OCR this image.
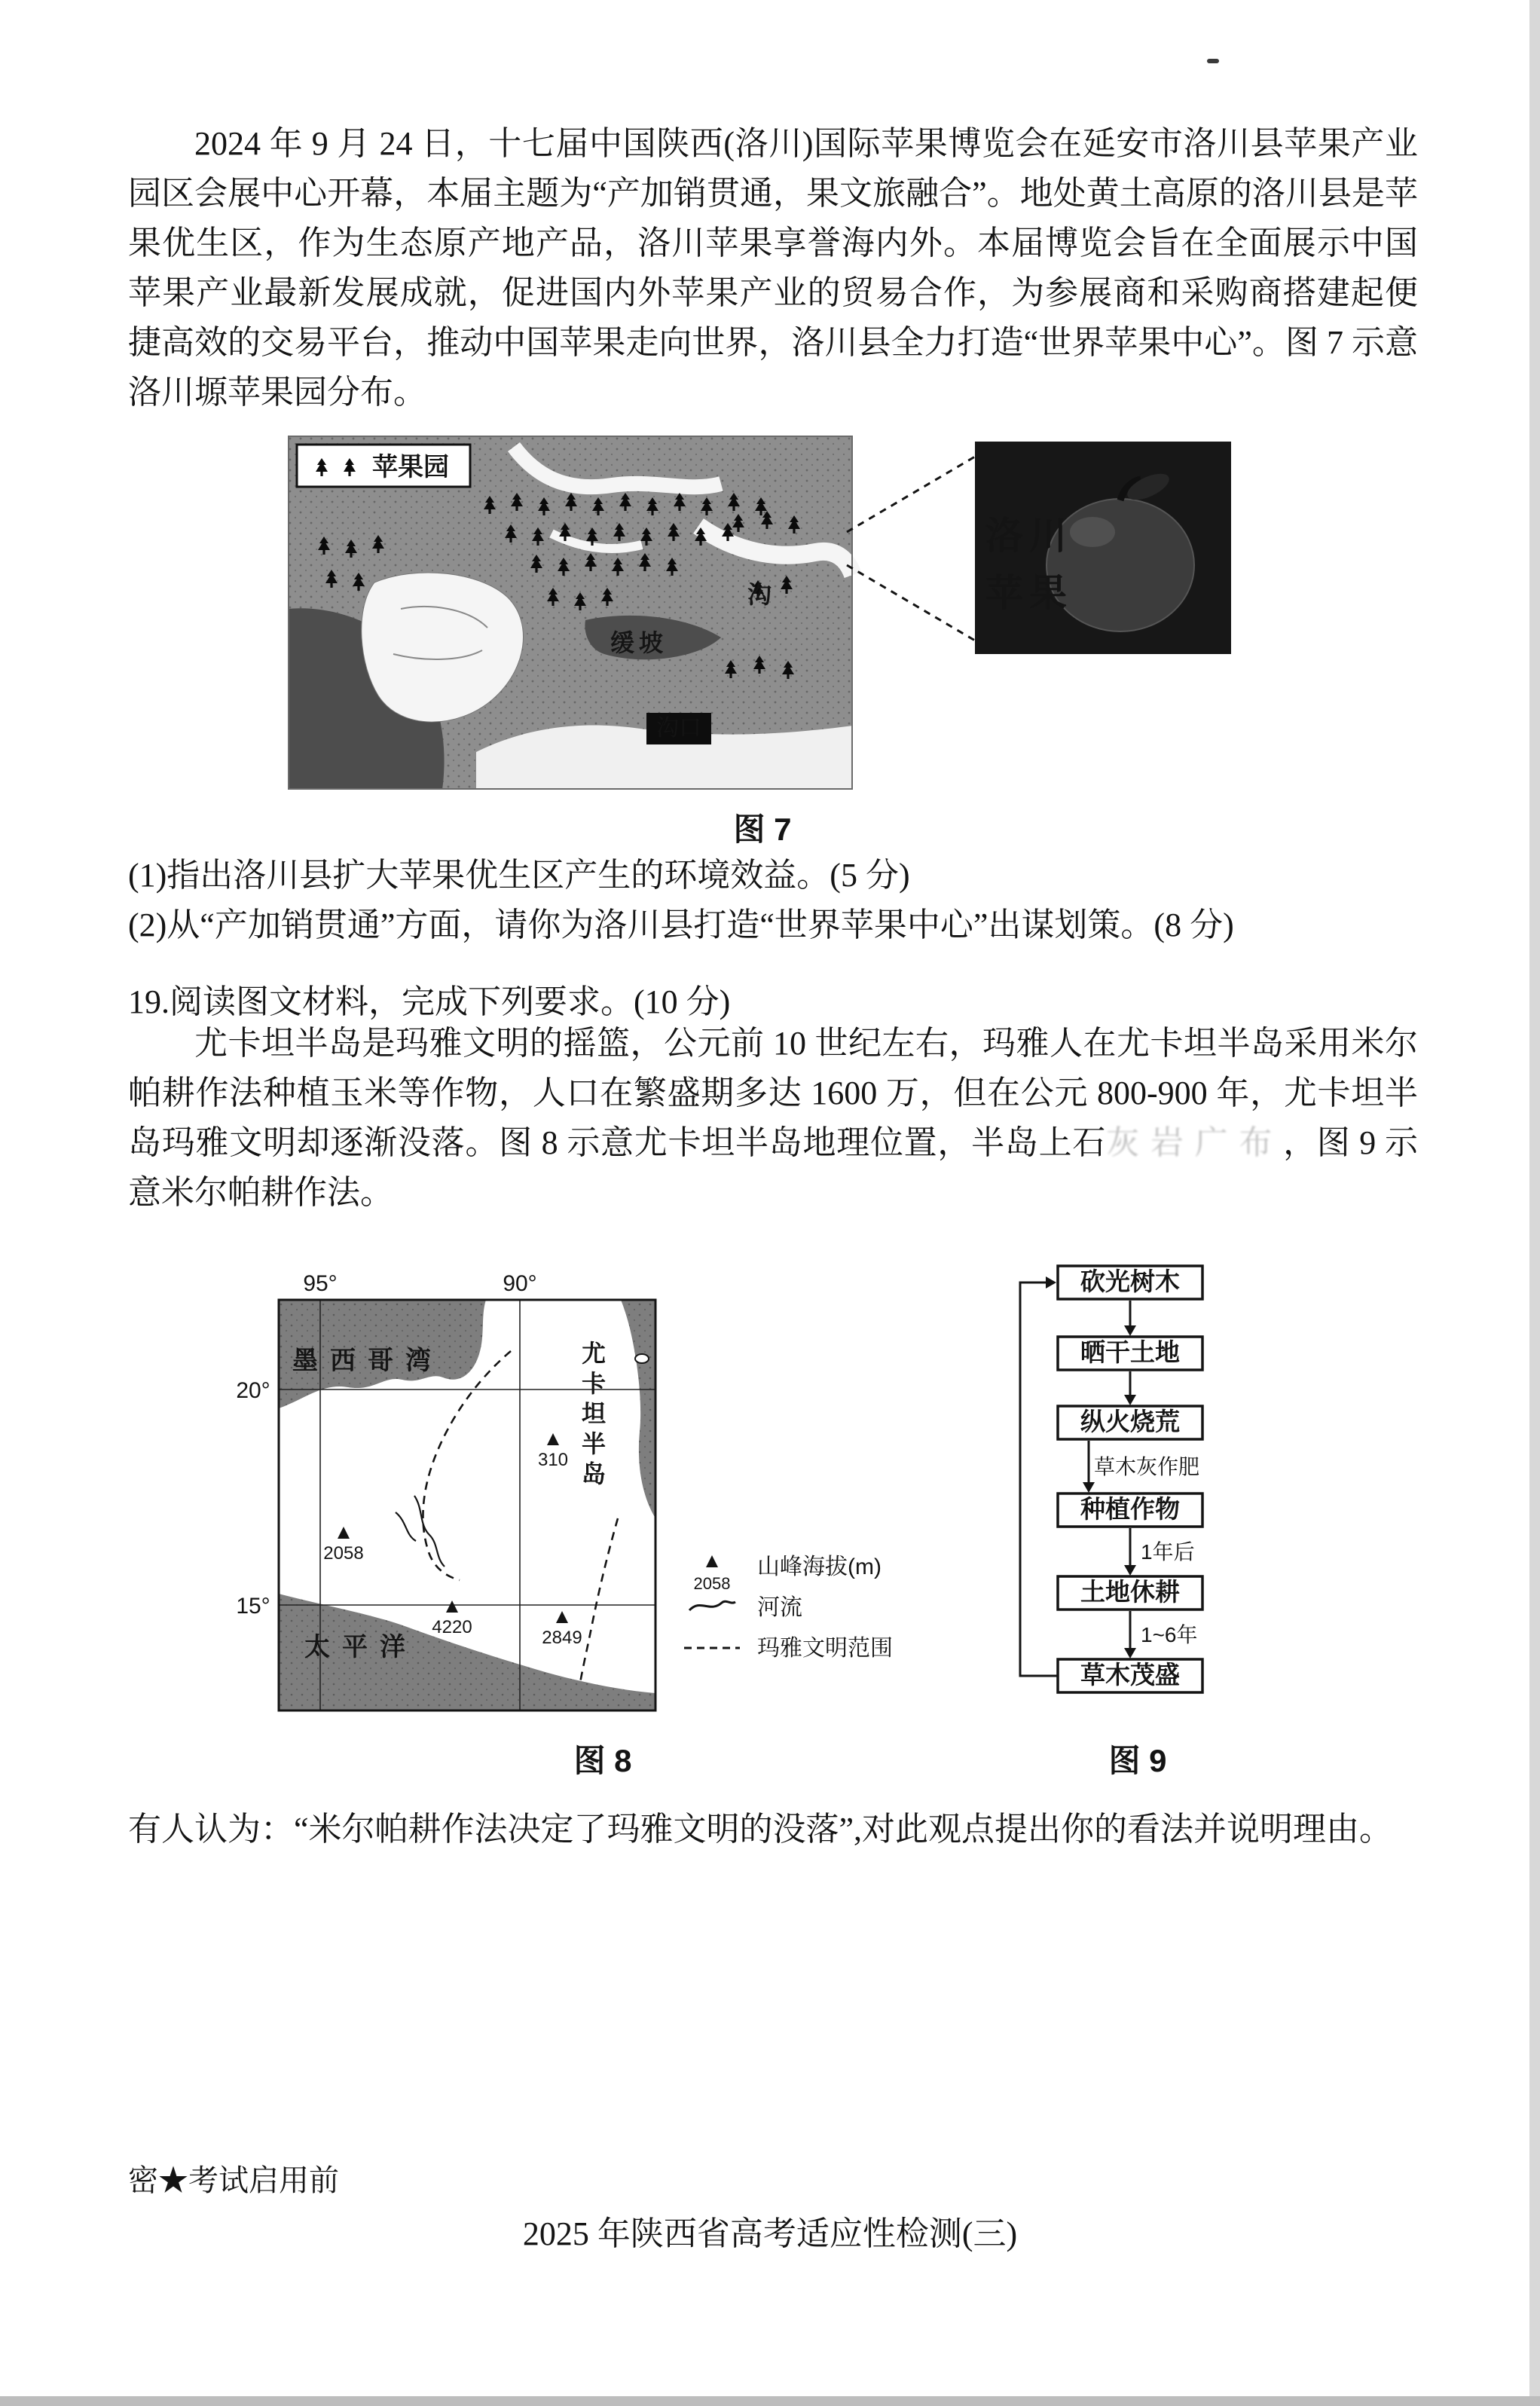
2024 年 9 月 24 日，十七届中国陕西(洛川)国际苹果博览会在延安市洛川县苹果产业园区会展中心开幕，本届主题为“产加销贯通，果文旅融合”。地处黄土高原的洛川县是苹果优生区，作为生态原产地产品，洛川苹果享誉海内外。本届博览会旨在全面展示中国苹果产业最新发展成就，促进国内外苹果产业的贸易合作，为参展商和采购商搭建起便捷高效的交易平台，推动中国苹果走向世界，洛川县全力打造“世界苹果中心”。图 7 示意洛川塬苹果园分布。
沟
缓坡
沟口
苹果园
洛川
苹果
图 7
(1)指出洛川县扩大苹果优生区产生的环境效益。(5 分)
(2)从“产加销贯通”方面，请你为洛川县打造“世界苹果中心”出谋划策。(8 分)
19.阅读图文材料，完成下列要求。(10 分)
尤卡坦半岛是玛雅文明的摇篮，公元前 10 世纪左右，玛雅人在尤卡坦半岛采用米尔帕耕作法种植玉米等作物，人口在繁盛期多达 1600 万，但在公元 800-900 年，尤卡坦半岛玛雅文明却逐渐没落。图 8 示意尤卡坦半岛地理位置，半岛上石灰岩广布，图 9 示意米尔帕耕作法。
310
2058
4220
2849
墨西哥湾
太平洋
尤
卡
坦
半
岛
95°	90°
20°
15°
2058
山峰海拔(m)
河流
玛雅文明范围
砍光树木
晒干土地
纵火烧荒
种植作物
土地休耕
草木茂盛
草木灰作肥
1年后
1~6年
图 8	图 9
有人认为：“米尔帕耕作法决定了玛雅文明的没落”,对此观点提出你的看法并说明理由。
密★考试启用前
2025 年陕西省高考适应性检测(三)
